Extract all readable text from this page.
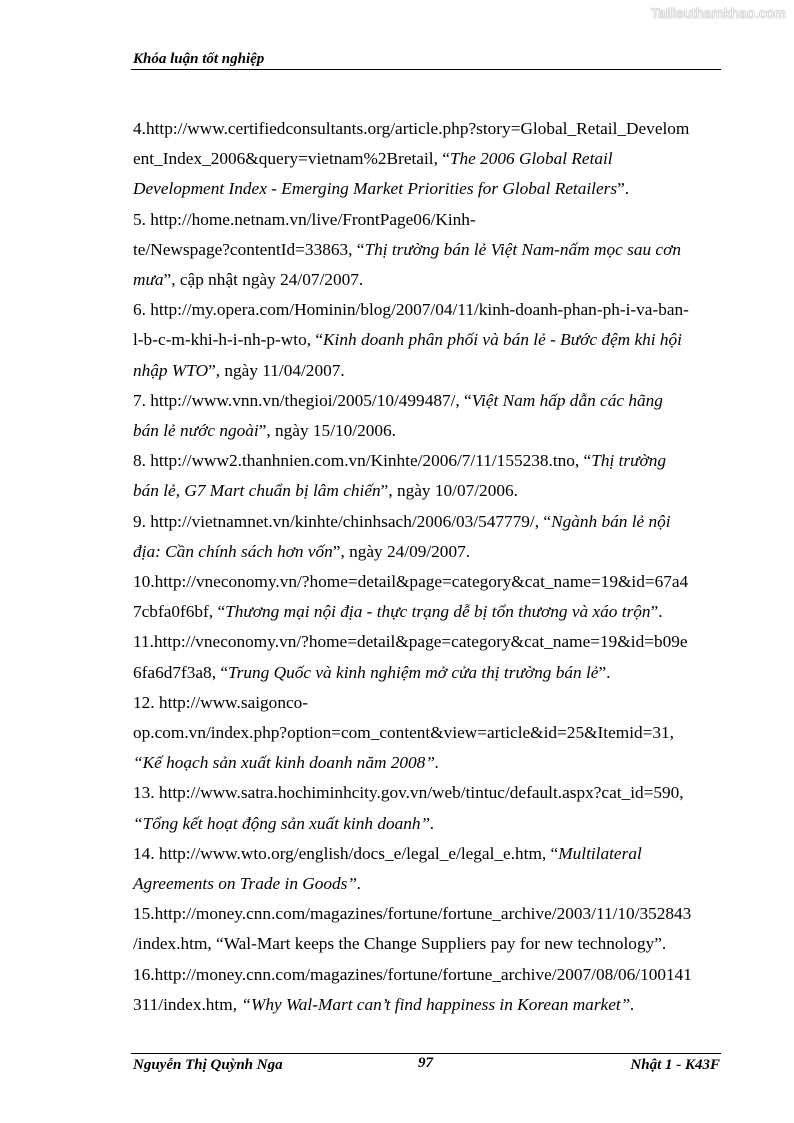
Tailieuthamkhao.com
Khóa luận tốt nghiệp
4.http://www.certifiedconsultants.org/article.php?story=Global_Retail_Develom
ent_Index_2006&query=vietnam%2Bretail, “The 2006 Global Retail
Development Index - Emerging Market Priorities for Global Retailers”.
5. http://home.netnam.vn/live/FrontPage06/Kinh-
te/Newspage?contentId=33863, “Thị trường bán lẻ Việt Nam-nấm mọc sau cơn
mưa”, cập nhật ngày 24/07/2007.
6. http://my.opera.com/Hominin/blog/2007/04/11/kinh-doanh-phan-ph-i-va-ban-
l-b-c-m-khi-h-i-nh-p-wto, “Kinh doanh phân phối và bán lẻ - Bước đệm khi hội
nhập WTO”, ngày 11/04/2007.
7. http://www.vnn.vn/thegioi/2005/10/499487/, “Việt Nam hấp dẫn các hãng
bán lẻ nước ngoài”, ngày 15/10/2006.
8. http://www2.thanhnien.com.vn/Kinhte/2006/7/11/155238.tno, “Thị trường
bán lẻ, G7 Mart chuẩn bị lâm chiến”, ngày 10/07/2006.
9. http://vietnamnet.vn/kinhte/chinhsach/2006/03/547779/, “Ngành bán lẻ nội
địa: Cần chính sách hơn vốn”, ngày 24/09/2007.
10.http://vneconomy.vn/?home=detail&page=category&cat_name=19&id=67a4
7cbfa0f6bf, “Thương mại nội địa - thực trạng dễ bị tổn thương và xáo trộn”.
11.http://vneconomy.vn/?home=detail&page=category&cat_name=19&id=b09e
6fa6d7f3a8, “Trung Quốc và kinh nghiệm mở cửa thị trường bán lẻ”.
12. http://www.saigonco-
op.com.vn/index.php?option=com_content&view=article&id=25&Itemid=31,
“Kế hoạch sản xuất kinh doanh năm 2008”.
13. http://www.satra.hochiminhcity.gov.vn/web/tintuc/default.aspx?cat_id=590,
“Tổng kết hoạt động sản xuất kinh doanh”.
14. http://www.wto.org/english/docs_e/legal_e/legal_e.htm, “Multilateral
Agreements on Trade in Goods”.
15.http://money.cnn.com/magazines/fortune/fortune_archive/2003/11/10/352843
/index.htm, “Wal-Mart keeps the Change Suppliers pay for new technology”.
16.http://money.cnn.com/magazines/fortune/fortune_archive/2007/08/06/100141
311/index.htm, “Why Wal-Mart can’t find happiness in Korean market”.
Nguyễn Thị Quỳnh Nga	97	Nhật 1 - K43F
